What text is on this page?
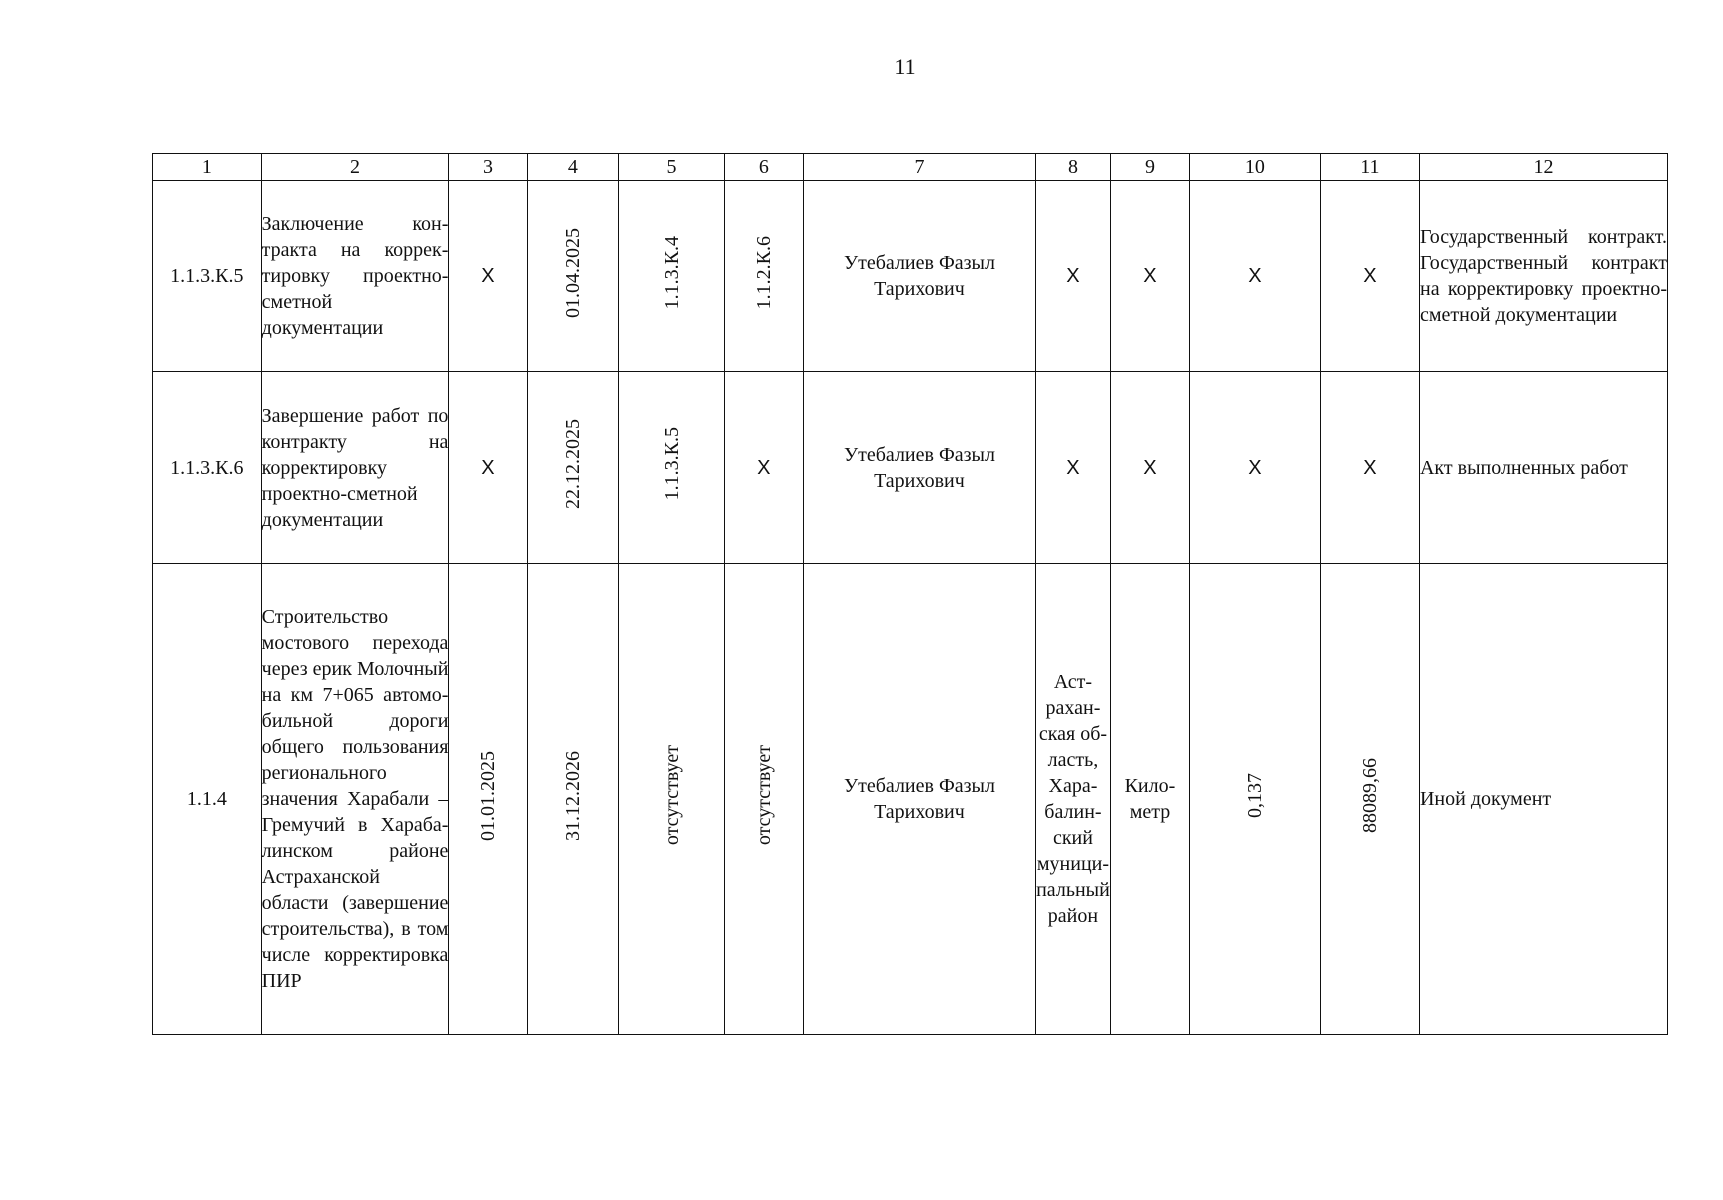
11
1	2	3	4	5	6	7	8	9	10	11	12
1.1.3.К.5	Заключение контракта на корректировку проектно-сметной документации	X	01.04.2025	1.1.3.К.4	1.1.2.К.6	Утебалиев Фазыл Тарихович	X	X	X	X	Государственный контракт. Государственный контракт на корректировку проектно-сметной документации
1.1.3.К.6	Завершение работ по контракту на корректировку проектно-сметной документации	X	22.12.2025	1.1.3.К.5	X	Утебалиев Фазыл Тарихович	X	X	X	X	Акт выполненных работ
1.1.4	Строительство мостового перехода через ерик Молочный на км 7+065 автомобильной дороги общего пользования регионального значения Харабали – Гремучий в Харабалинском районе Астраханской области (завершение строительства), в том числе корректировка ПИР	01.01.2025	31.12.2026	отсутствует	отсутствует	Утебалиев Фазыл Тарихович	Астраханская область, Харабалинский муниципальный район	Километр	0,137	88089,66	Иной документ
